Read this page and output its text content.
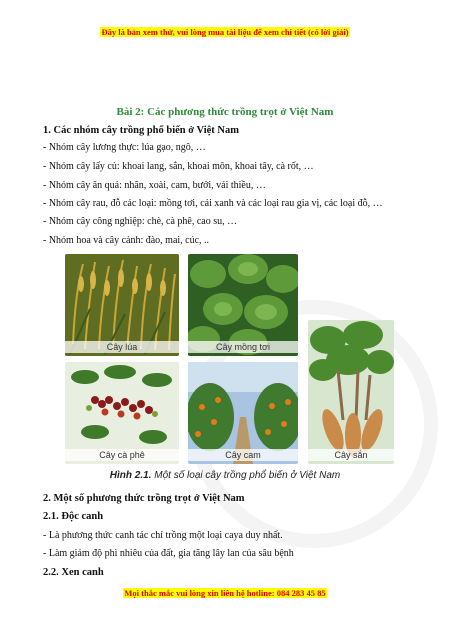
Đây là bản xem thử, vui lòng mua tài liệu để xem chi tiết (có lời giải)
Bài 2: Các phương thức trồng trọt ở Việt Nam
1. Các nhóm cây trồng phổ biến ở Việt Nam
- Nhóm cây lương thực: lúa gạo, ngô, …
- Nhóm cây lấy củ: khoai lang, sắn, khoai môn, khoai tây, cà rốt, …
- Nhóm cây ăn quả: nhãn, xoài, cam, bưởi, vải thiều, …
- Nhóm cây rau, đỗ các loại: mồng tơi, cải xanh và các loại rau gia vị, các loại đỗ, …
- Nhóm cây công nghiệp: chè, cà phê, cao su, …
- Nhóm hoa và cây cảnh: đào, mai, cúc, ..
Cây lúa	Cây mồng tơi
Cây cà phê	Cây cam	Cây sắn
Hình 2.1. Một số loại cây trồng phổ biến ở Việt Nam
2. Một số phương thức trồng trọt ở Việt Nam
2.1. Độc canh
- Là phương thức canh tác chỉ trồng một loại caya duy nhất.
- Làm giảm độ phì nhiêu của đất, gia tăng lây lan của sâu bệnh
2.2. Xen canh
Mọi thắc mắc vui lòng xin liên hệ hotline: 084 283 45 85
